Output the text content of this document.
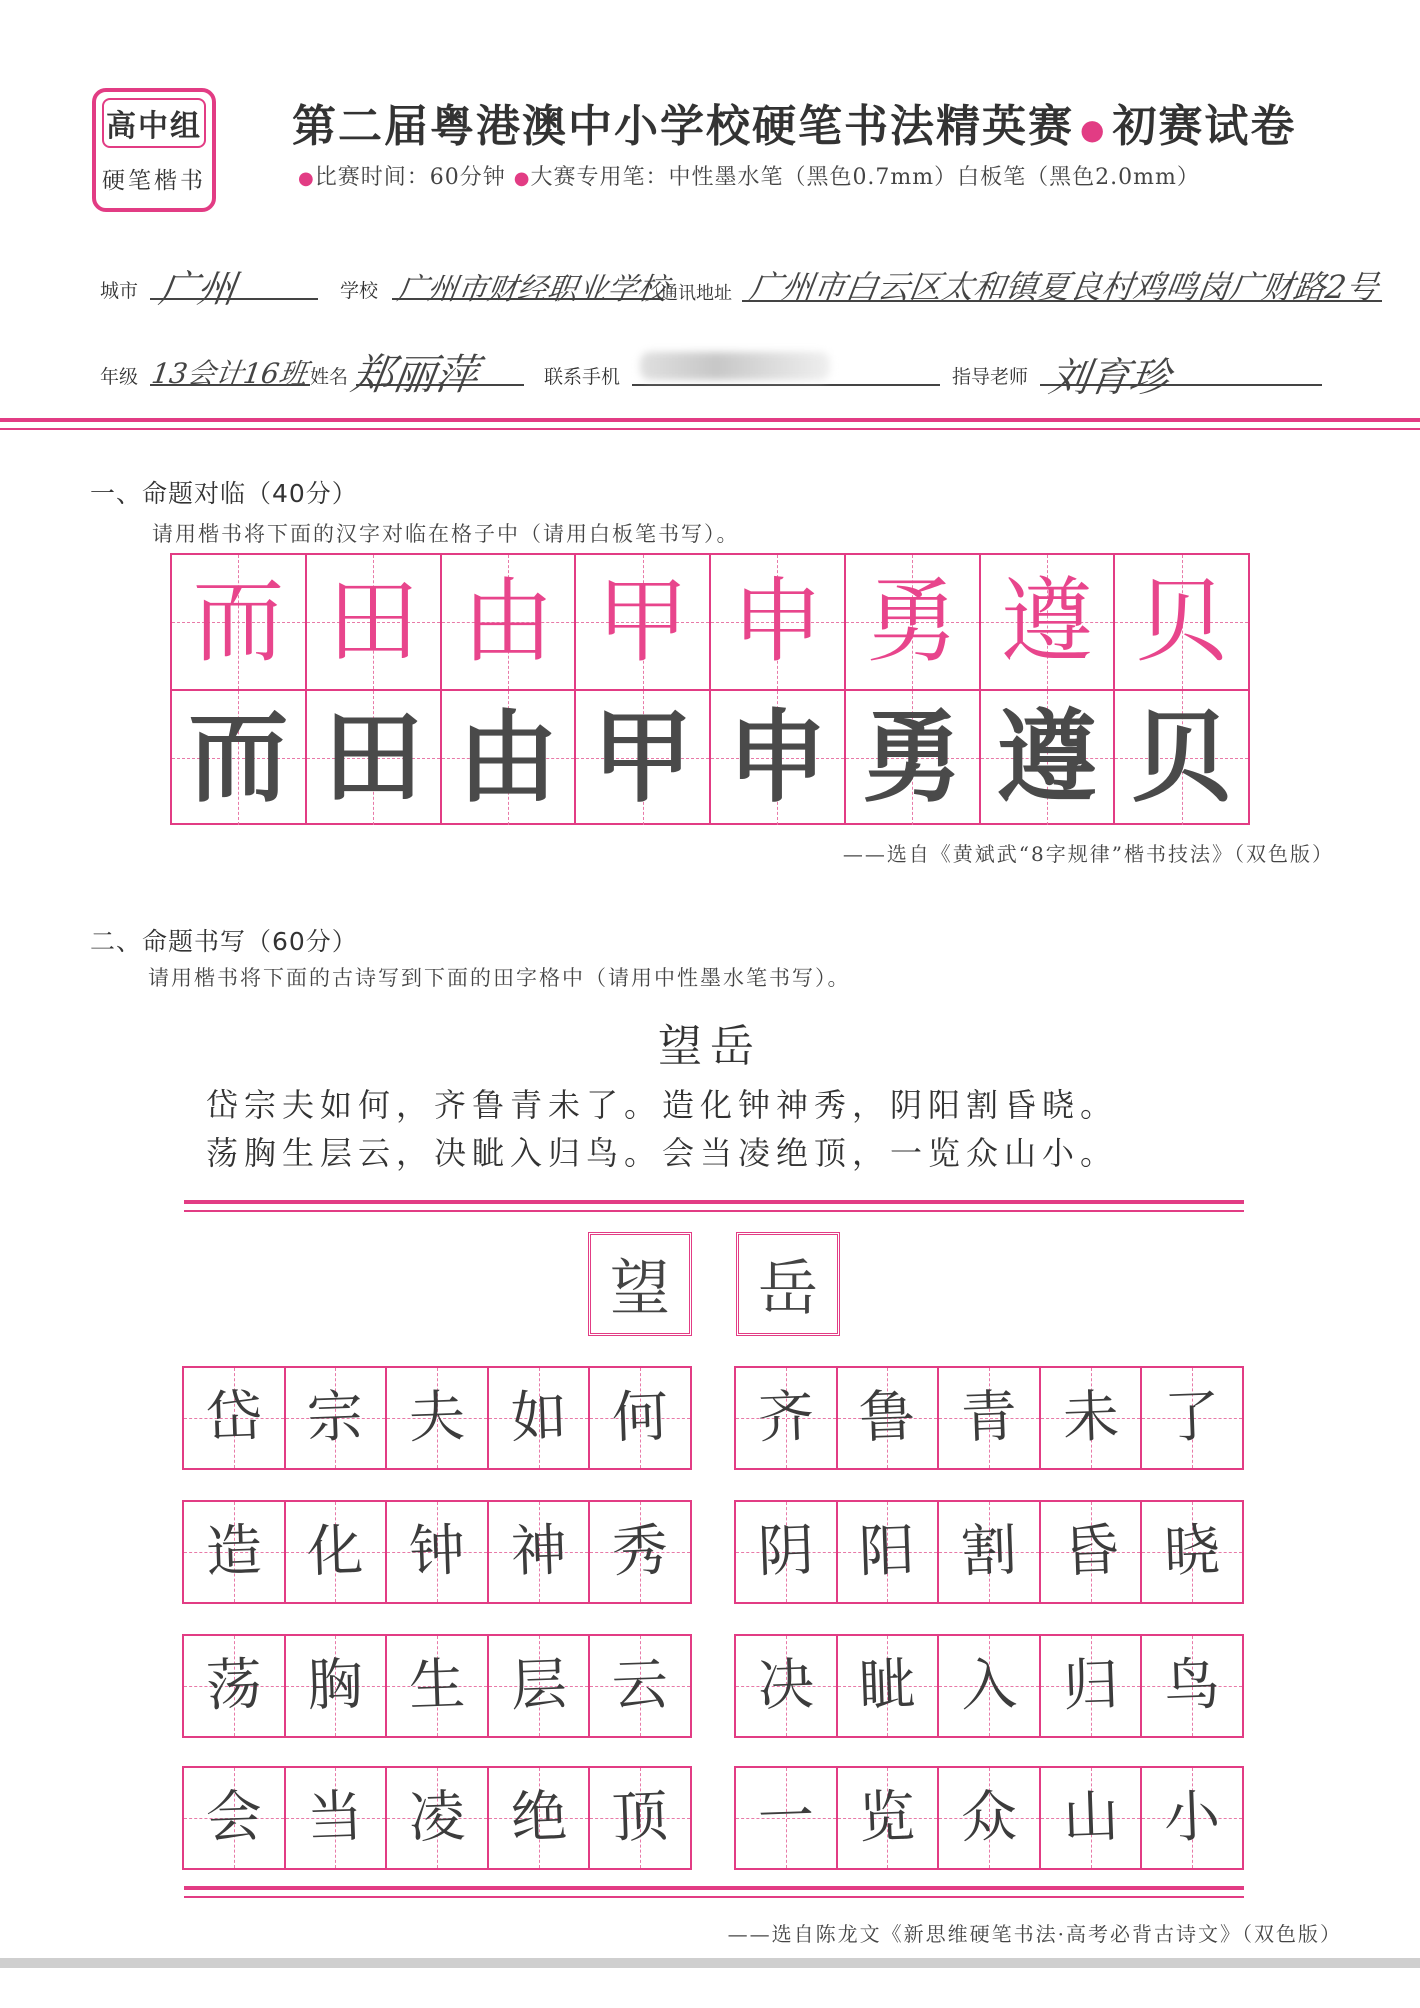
高中组
硬笔楷书
第二届粤港澳中小学校硬笔书法精英赛 ● 初赛试卷
●比赛时间：60分钟 ●大赛专用笔：中性墨水笔（黑色0.7mm）白板笔（黑色2.0mm）
城市 广州	学校 广州市财经职业学校
通讯地址 广州市白云区太和镇夏良村鸡鸣岗广财路2号
年级 13会计16班 姓名 郑丽萍	联系手机	指导老师 刘育珍
一、命题对临（40分）
请用楷书将下面的汉字对临在格子中（请用白板笔书写）。
而 田 由 甲 申 勇 遵 贝
而 田 由 甲 申 勇 遵 贝
——选自《黄斌武“8字规律”楷书技法》（双色版）
二、命题书写（60分）
请用楷书将下面的古诗写到下面的田字格中（请用中性墨水笔书写）。
望岳
岱宗夫如何，齐鲁青未了。造化钟神秀，阴阳割昏晓。
荡胸生层云，决眦入归鸟。会当凌绝顶，一览众山小。
望 岳
岱 宗 夫 如 何 齐 鲁 青 未 了
造 化 钟 神 秀 阴 阳 割 昏 晓
荡 胸 生 层 云 决 眦 入 归 鸟
会 当 凌 绝 顶 一 览 众 山 小
——选自陈龙文《新思维硬笔书法·高考必背古诗文》（双色版）
